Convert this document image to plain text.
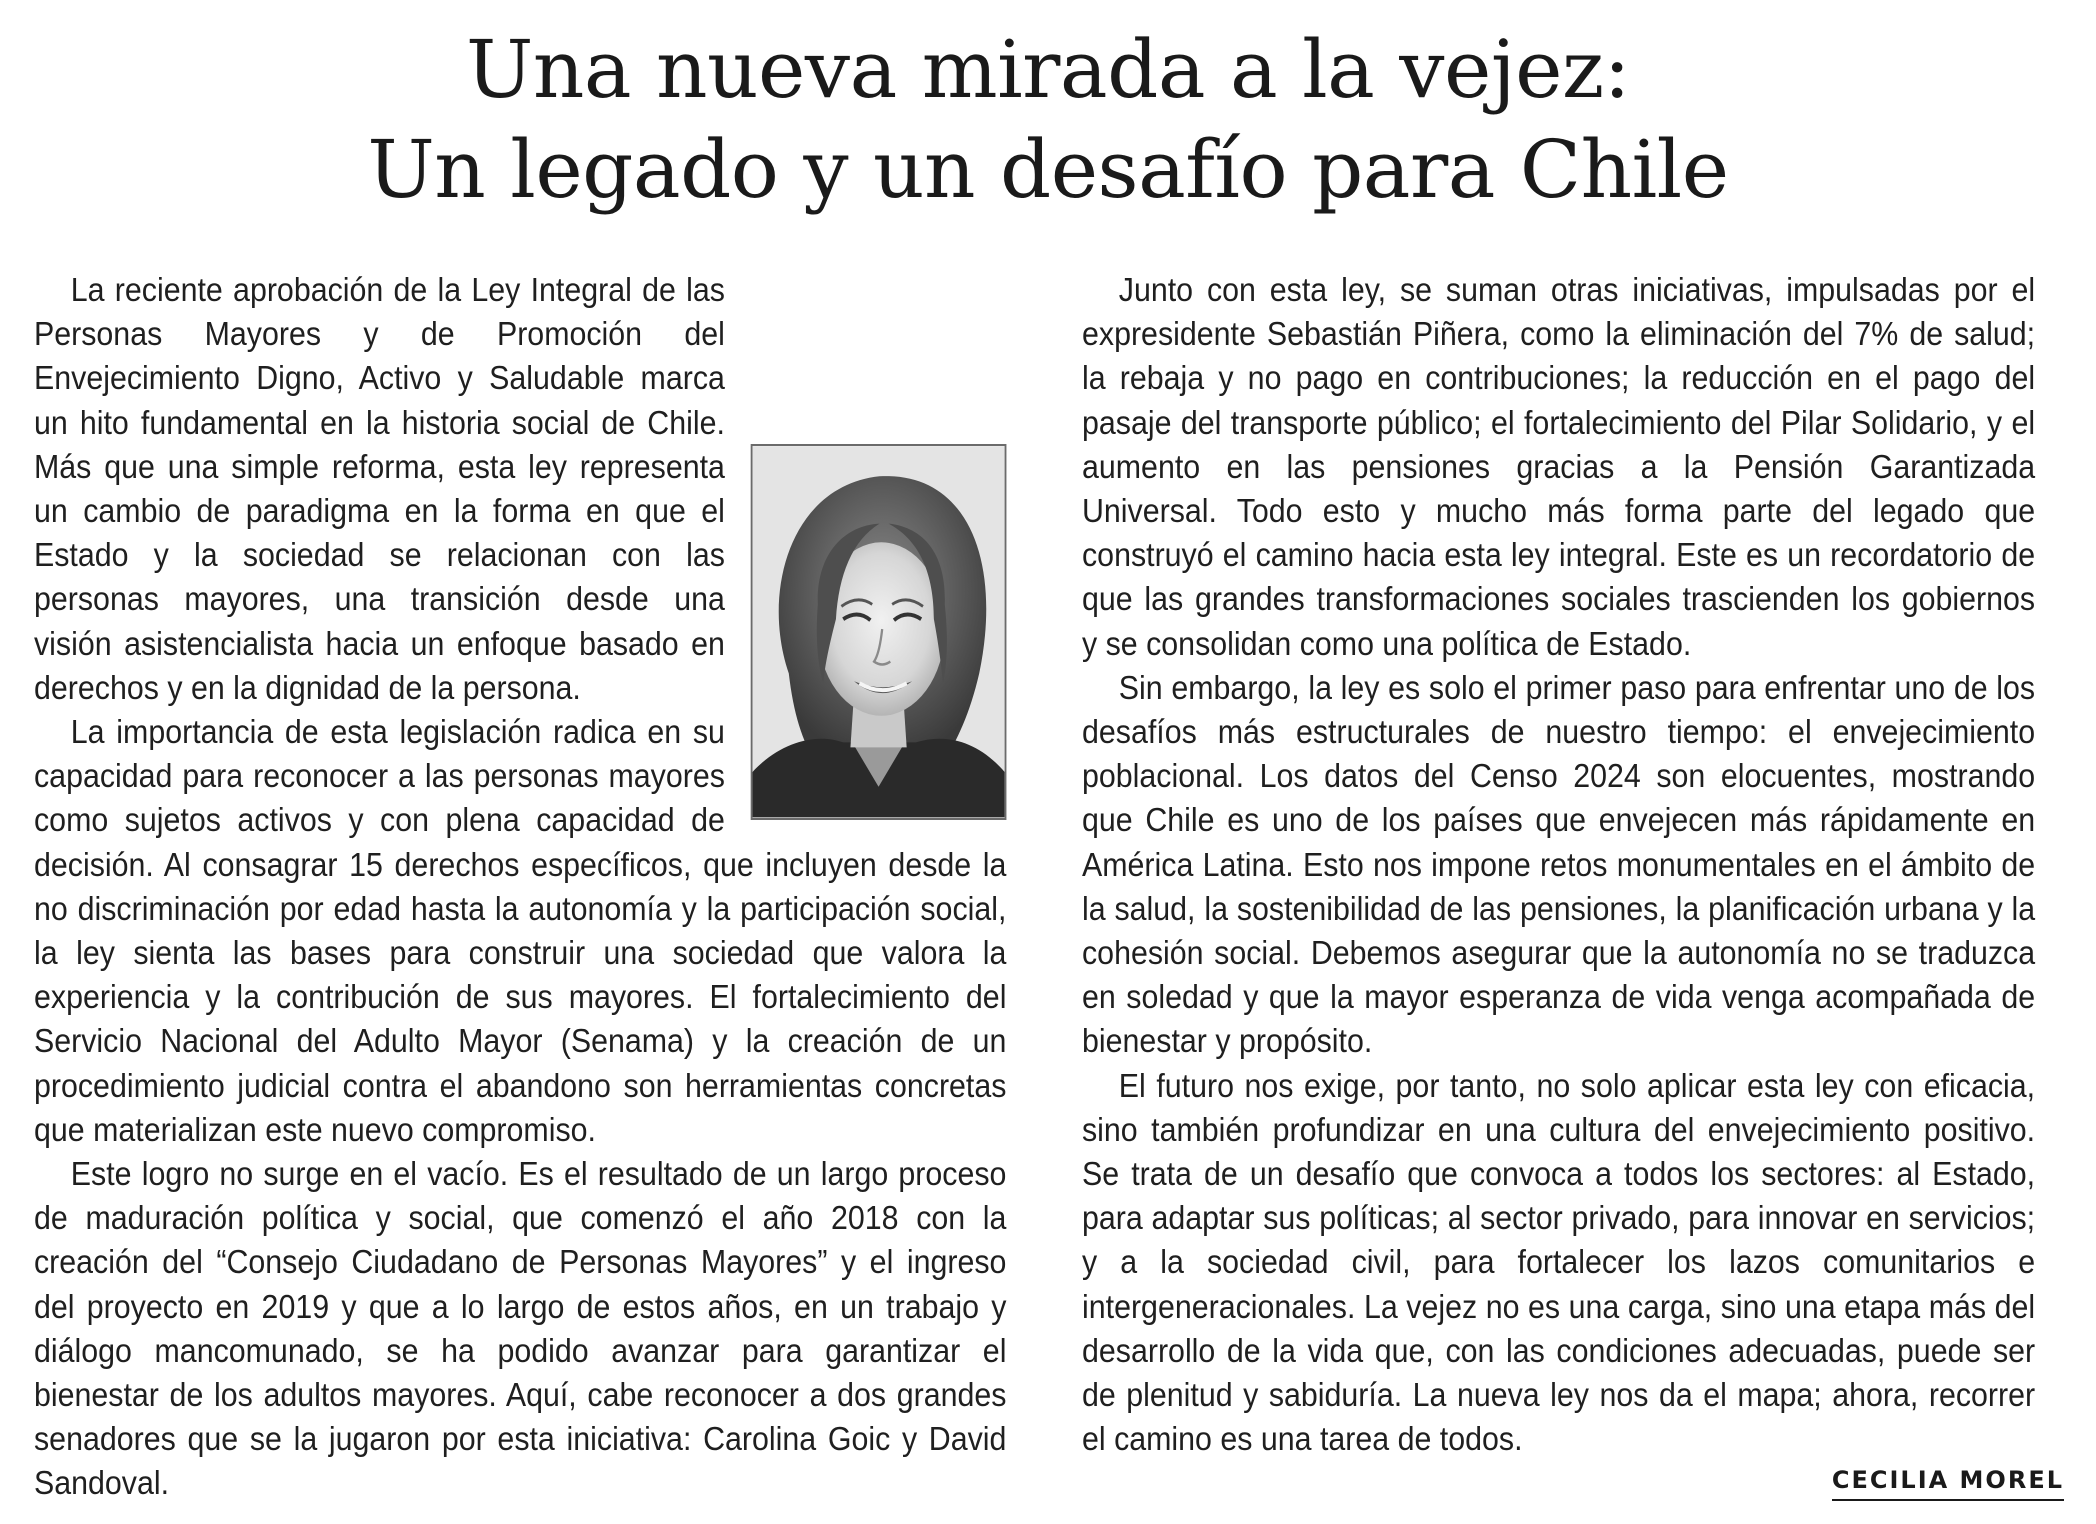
Una nueva mirada a la vejez:
Un legado y un desafío para Chile

La reciente aprobación de la Ley Integral de las Personas Mayores y de Promoción del Envejecimiento Digno, Activo y Saludable marca un hito fundamental en la historia social de Chile. Más que una simple reforma, esta ley representa un cambio de paradigma en la forma en que el Estado y la sociedad se relacionan con las personas mayores, una transición desde una visión asistencialista hacia un enfoque basado en derechos y en la dignidad de la persona.

La importancia de esta legislación radica en su capacidad para reconocer a las personas mayores como sujetos activos y con plena capacidad de decisión. Al consagrar 15 derechos específicos, que incluyen desde la no discriminación por edad hasta la autonomía y la participación social, la ley sienta las bases para construir una sociedad que valora la experiencia y la contribución de sus mayores. El fortalecimiento del Servicio Nacional del Adulto Mayor (Senama) y la creación de un procedimiento judicial contra el abandono son herramientas concretas que materializan este nuevo compromiso.

Este logro no surge en el vacío. Es el resultado de un largo proceso de maduración política y social, que comenzó el año 2018 con la creación del “Consejo Ciudadano de Personas Mayores” y el ingreso del proyecto en 2019 y que a lo largo de estos años, en un trabajo y diálogo mancomunado, se ha podido avanzar para garantizar el bienestar de los adultos mayores. Aquí, cabe reconocer a dos grandes senadores que se la jugaron por esta iniciativa: Carolina Goic y David Sandoval.

Junto con esta ley, se suman otras iniciativas, impulsadas por el expresidente Sebastián Piñera, como la eliminación del 7% de salud; la rebaja y no pago en contribuciones; la reducción en el pago del pasaje del transporte público; el fortalecimiento del Pilar Solidario, y el aumento en las pensiones gracias a la Pensión Garantizada Universal. Todo esto y mucho más forma parte del legado que construyó el camino hacia esta ley integral. Este es un recordatorio de que las grandes transformaciones sociales trascienden los gobiernos y se consolidan como una política de Estado.

Sin embargo, la ley es solo el primer paso para enfrentar uno de los desafíos más estructurales de nuestro tiempo: el envejecimiento poblacional. Los datos del Censo 2024 son elocuentes, mostrando que Chile es uno de los países que envejecen más rápidamente en América Latina. Esto nos impone retos monumentales en el ámbito de la salud, la sostenibilidad de las pensiones, la planificación urbana y la cohesión social. Debemos asegurar que la autonomía no se traduzca en soledad y que la mayor esperanza de vida venga acompañada de bienestar y propósito.

El futuro nos exige, por tanto, no solo aplicar esta ley con eficacia, sino también profundizar en una cultura del envejecimiento positivo. Se trata de un desafío que convoca a todos los sectores: al Estado, para adaptar sus políticas; al sector privado, para innovar en servicios; y a la sociedad civil, para fortalecer los lazos comunitarios e intergeneracionales. La vejez no es una carga, sino una etapa más del desarrollo de la vida que, con las condiciones adecuadas, puede ser de plenitud y sabiduría. La nueva ley nos da el mapa; ahora, recorrer el camino es una tarea de todos.

CECILIA MOREL
